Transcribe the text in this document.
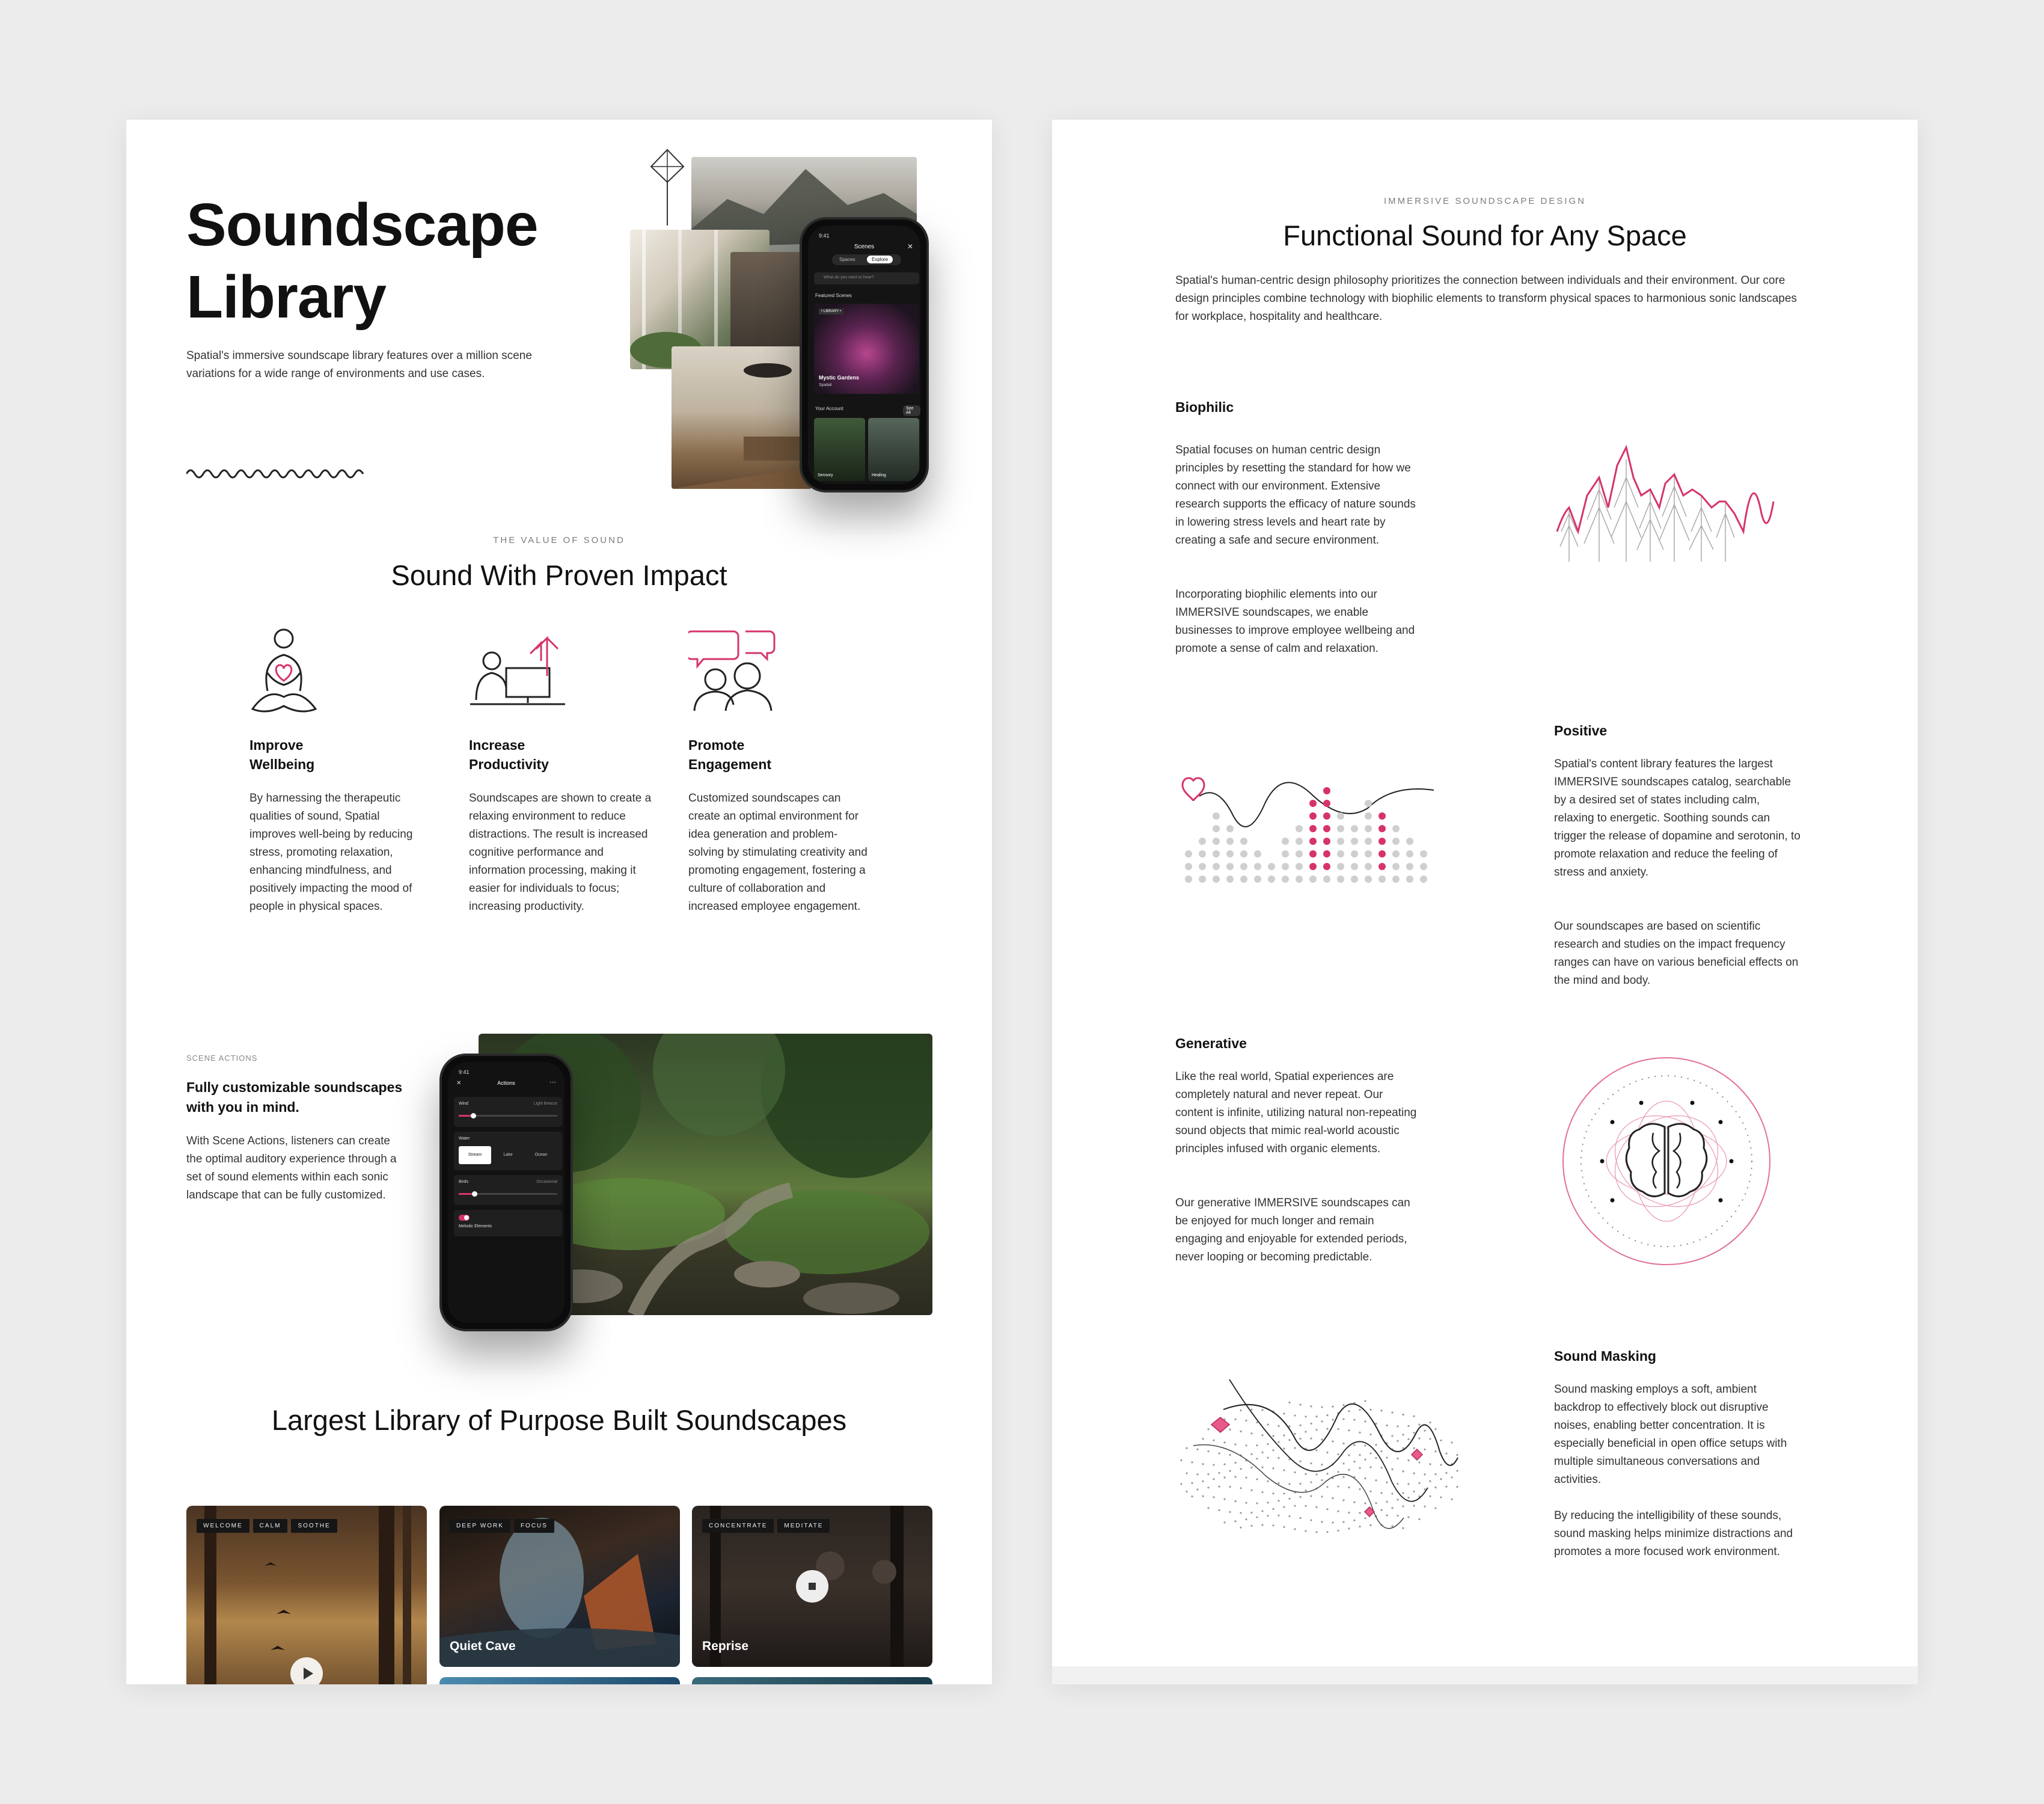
Soundscape
Library
Spatial's immersive soundscape library features over a million scene variations for a wide range of environments and use cases.
9:41
Scenes	✕
Spaces	Explore
What do you want to hear?
Featured Scenes
• LIBRARY •
Mystic Gardens
Spatial
Your Account	See All
Sensory	Healing
THE VALUE OF SOUND
Sound With Proven Impact
Improve
Wellbeing
By harnessing the therapeutic qualities of sound, Spatial improves well-being by reducing stress, promoting relaxation, enhancing mindfulness, and positively impacting the mood of people in physical spaces.
Increase
Productivity
Soundscapes are shown to create a relaxing environment to reduce distractions. The result is increased cognitive performance and information processing, making it easier for individuals to focus; increasing productivity.
Promote
Engagement
Customized soundscapes can create an optimal environment for idea generation and problem-solving by stimulating creativity and promoting engagement, fostering a culture of collaboration and increased employee engagement.
SCENE ACTIONS
Fully customizable soundscapes with you in mind.
With Scene Actions, listeners can create the optimal auditory experience through a set of sound elements within each sonic landscape that can be fully customized.
9:41
✕	Actions	⋯
Wind	Light Breeze
Water
Stream	Lake	Ocean
Birds	Occasional
Melodic Elements
Largest Library of Purpose Built Soundscapes
WELCOME	CALM	SOOTHE	DEEP WORK	FOCUS
Quiet Cave
CONCENTRATE	MEDITATE
Reprise
IMMERSIVE SOUNDSCAPE DESIGN
Functional Sound for Any Space
Spatial's human-centric design philosophy prioritizes the connection between individuals and their environment. Our core design principles combine technology with biophilic elements to transform physical spaces to harmonious sonic landscapes for workplace, hospitality and healthcare.
Biophilic
Spatial focuses on human centric design principles by resetting the standard for how we connect with our environment. Extensive research supports the efficacy of nature sounds in lowering stress levels and heart rate by creating a safe and secure environment.
Incorporating biophilic elements into our IMMERSIVE soundscapes, we enable businesses to improve employee wellbeing and promote a sense of calm and relaxation.
Positive
Spatial's content library features the largest IMMERSIVE soundscapes catalog, searchable by a desired set of states including calm, relaxing to energetic. Soothing sounds can trigger the release of dopamine and serotonin, to promote relaxation and reduce the feeling of stress and anxiety.
Our soundscapes are based on scientific research and studies on the impact frequency ranges can have on various beneficial effects on the mind and body.
Generative
Like the real world, Spatial experiences are completely natural and never repeat. Our content is infinite, utilizing natural non-repeating sound objects that mimic real-world acoustic principles infused with organic elements.
Our generative IMMERSIVE soundscapes can be enjoyed for much longer and remain engaging and enjoyable for extended periods, never looping or becoming predictable.
Sound Masking
Sound masking employs a soft, ambient backdrop to effectively block out disruptive noises, enabling better concentration. It is especially beneficial in open office setups with multiple simultaneous conversations and activities.
By reducing the intelligibility of these sounds, sound masking helps minimize distractions and promotes a more focused work environment.
